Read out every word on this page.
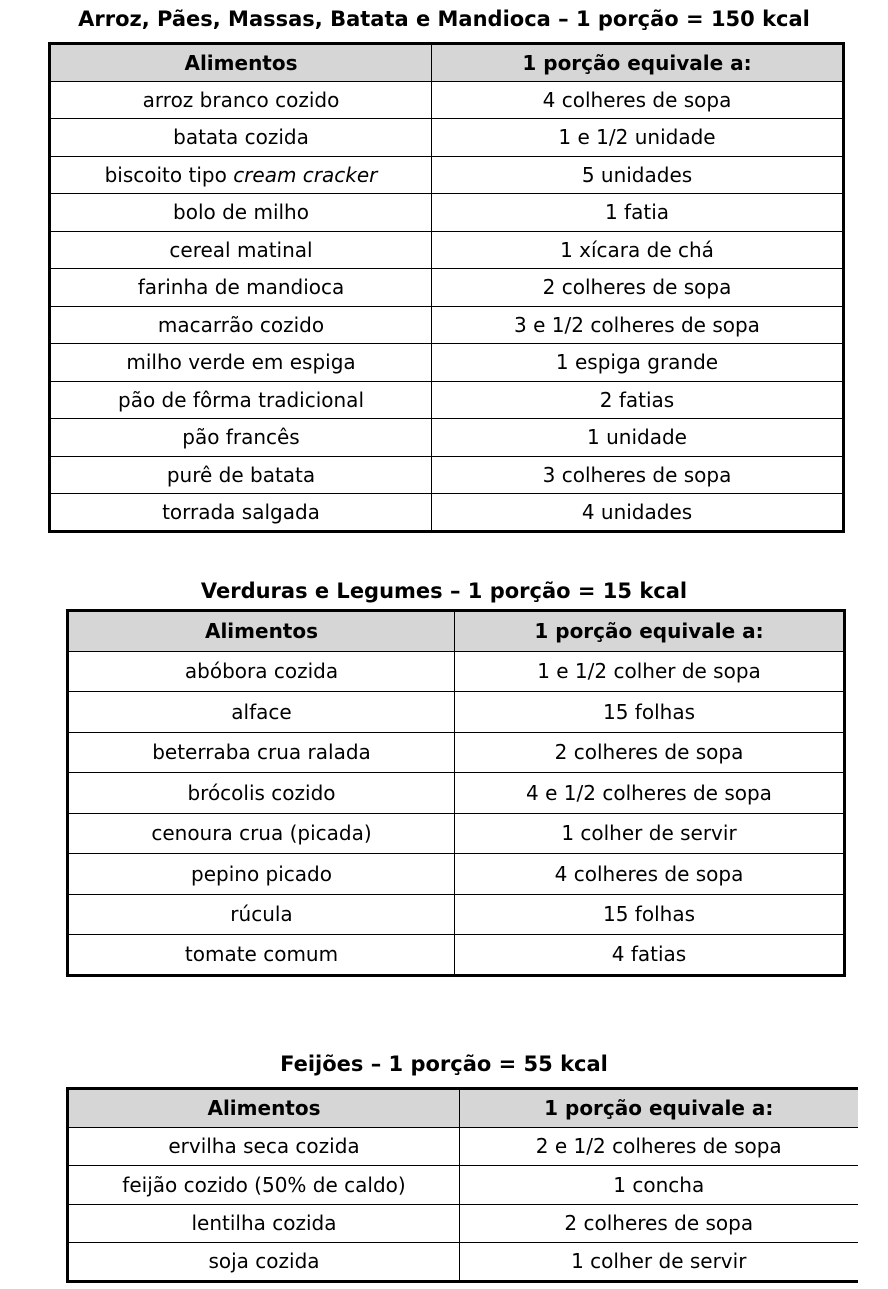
Arroz, Pães, Massas, Batata e Mandioca – 1 porção = 150 kcal
Alimentos	1 porção equivale a:
arroz branco cozido	4 colheres de sopa
batata cozida	1 e 1/2 unidade
biscoito tipo cream cracker	5 unidades
bolo de milho	1 fatia
cereal matinal	1 xícara de chá
farinha de mandioca	2 colheres de sopa
macarrão cozido	3 e 1/2 colheres de sopa
milho verde em espiga	1 espiga grande
pão de fôrma tradicional	2 fatias
pão francês	1 unidade
purê de batata	3 colheres de sopa
torrada salgada	4 unidades
Verduras e Legumes – 1 porção = 15 kcal
Alimentos	1 porção equivale a:
abóbora cozida	1 e 1/2 colher de sopa
alface	15 folhas
beterraba crua ralada	2 colheres de sopa
brócolis cozido	4 e 1/2 colheres de sopa
cenoura crua (picada)	1 colher de servir
pepino picado	4 colheres de sopa
rúcula	15 folhas
tomate comum	4 fatias
Feijões – 1 porção = 55 kcal
Alimentos	1 porção equivale a:
ervilha seca cozida	2 e 1/2 colheres de sopa
feijão cozido (50% de caldo)	1 concha
lentilha cozida	2 colheres de sopa
soja cozida	1 colher de servir
